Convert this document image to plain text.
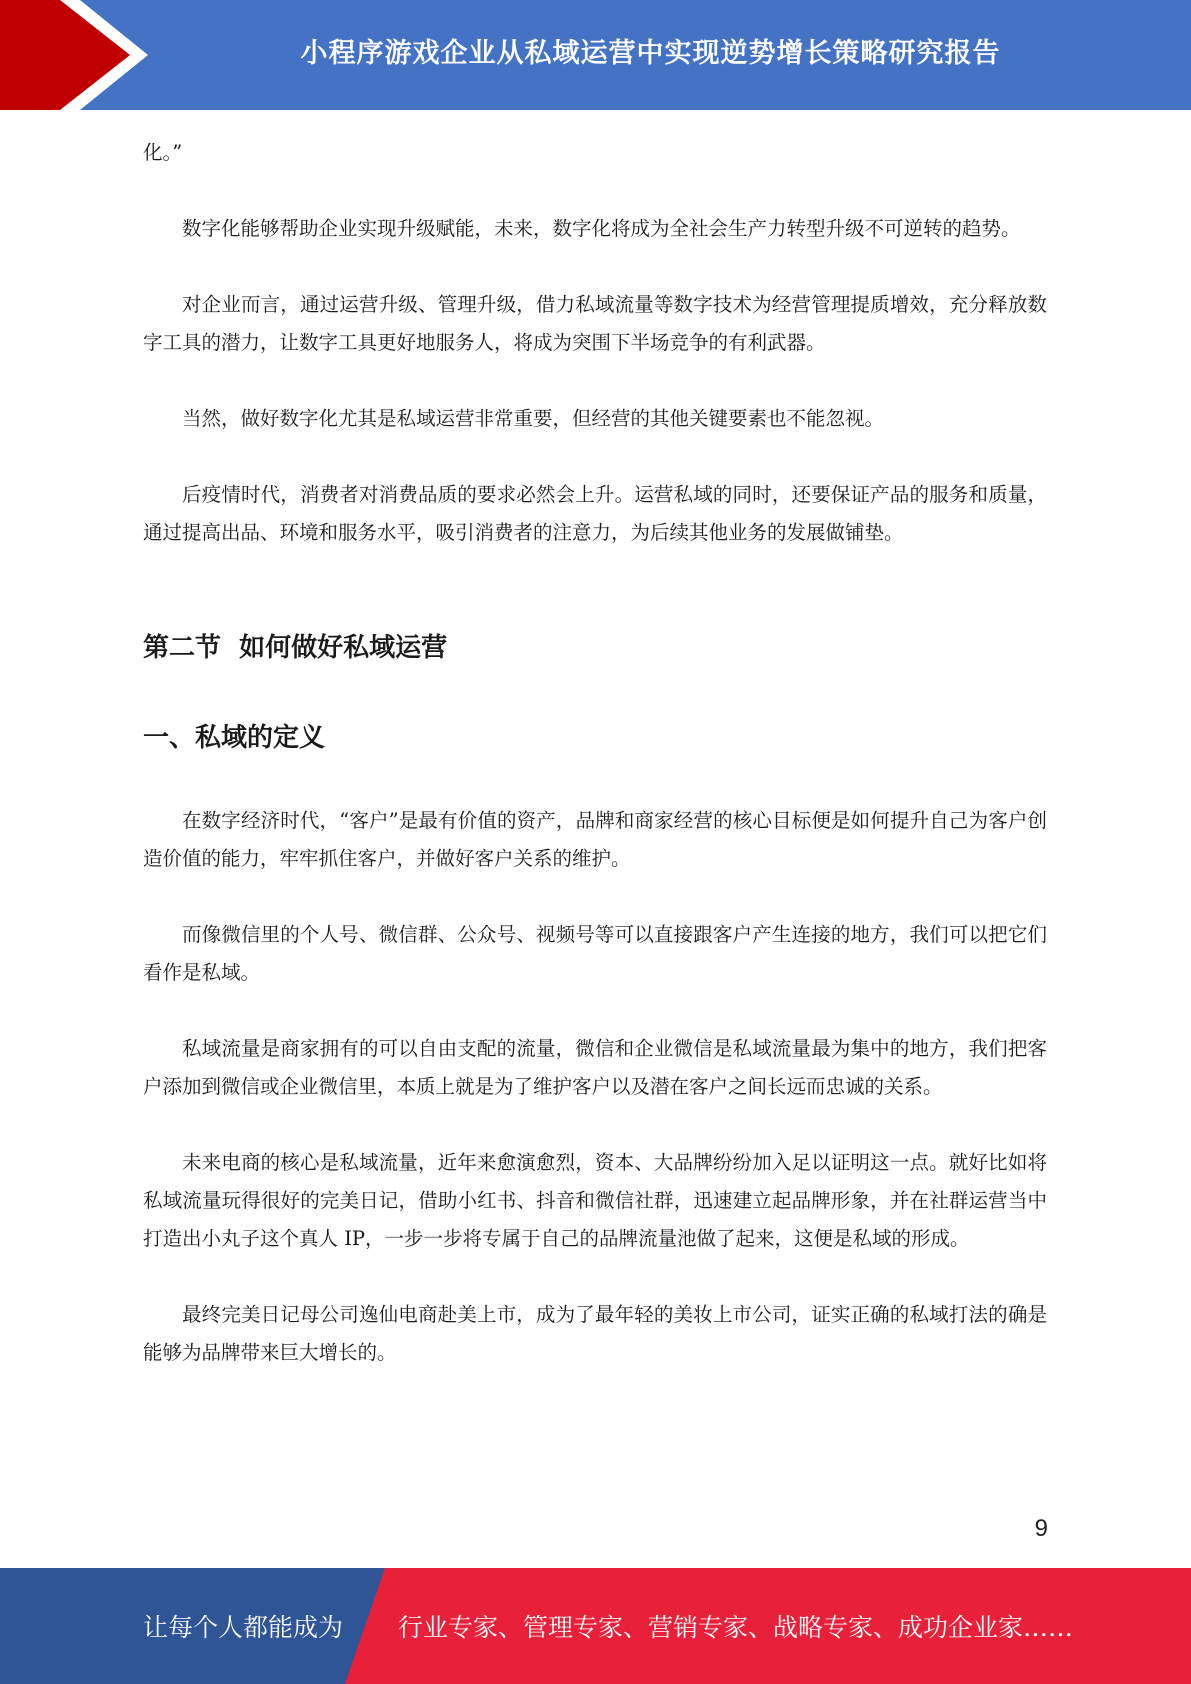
小程序游戏企业从私域运营中实现逆势增长策略研究报告

化。”

数字化能够帮助企业实现升级赋能，未来，数字化将成为全社会生产力转型升级不可逆转的趋势。

对企业而言，通过运营升级、管理升级，借力私域流量等数字技术为经营管理提质增效，充分释放数字工具的潜力，让数字工具更好地服务人，将成为突围下半场竞争的有利武器。

当然，做好数字化尤其是私域运营非常重要，但经营的其他关键要素也不能忽视。

后疫情时代，消费者对消费品质的要求必然会上升。运营私域的同时，还要保证产品的服务和质量，通过提高出品、环境和服务水平，吸引消费者的注意力，为后续其他业务的发展做铺垫。

第二节  如何做好私域运营
一、私域的定义

在数字经济时代，“客户”是最有价值的资产，品牌和商家经营的核心目标便是如何提升自己为客户创造价值的能力，牢牢抓住客户，并做好客户关系的维护。

而像微信里的个人号、微信群、公众号、视频号等可以直接跟客户产生连接的地方，我们可以把它们看作是私域。

私域流量是商家拥有的可以自由支配的流量，微信和企业微信是私域流量最为集中的地方，我们把客户添加到微信或企业微信里，本质上就是为了维护客户以及潜在客户之间长远而忠诚的关系。

未来电商的核心是私域流量，近年来愈演愈烈，资本、大品牌纷纷加入足以证明这一点。就好比如将私域流量玩得很好的完美日记，借助小红书、抖音和微信社群，迅速建立起品牌形象，并在社群运营当中打造出小丸子这个真人 IP，一步一步将专属于自己的品牌流量池做了起来，这便是私域的形成。

最终完美日记母公司逸仙电商赴美上市，成为了最年轻的美妆上市公司，证实正确的私域打法的确是能够为品牌带来巨大增长的。

9
让每个人都能成为 行业专家、管理专家、营销专家、战略专家、成功企业家……
